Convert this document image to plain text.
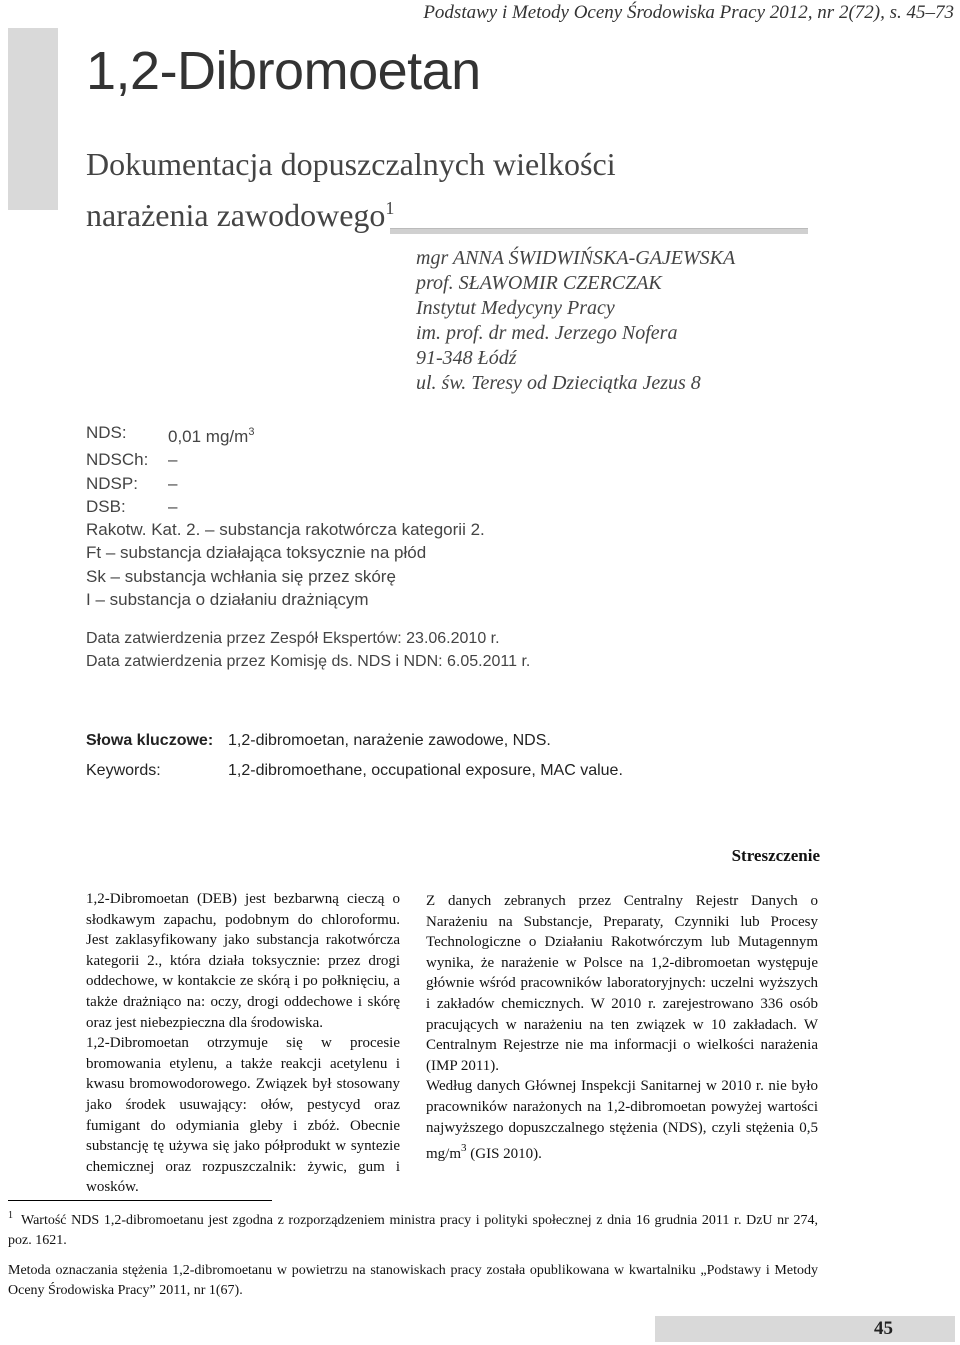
Podstawy i Metody Oceny Środowiska Pracy 2012, nr 2(72), s. 45–73
1,2-Dibromoetan
Dokumentacja dopuszczalnych wielkości
narażenia zawodowego$^1$
mgr ANNA ŚWIDWIŃSKA-GAJEWSKA
prof. SŁAWOMIR CZERCZAK
Instytut Medycyny Pracy
im. prof. dr med. Jerzego Nofera
91-348 Łódź
ul. św. Teresy od Dzieciątka Jezus 8
NDS:	0,01 $mg/m^3$
NDSCh:	–
NDSP:	–
DSB:	–
Rakotw. Kat. 2. – substancja rakotwórcza kategorii 2.
Ft – substancja działająca toksycznie na płód
Sk – substancja wchłania się przez skórę
I – substancja o działaniu drażniącym
Data zatwierdzenia przez Zespół Ekspertów: 23.06.2010 r.
Data zatwierdzenia przez Komisję ds. NDS i NDN: 6.05.2011 r.
Słowa kluczowe: 1,2-dibromoetan, narażenie zawodowe, NDS.
Keywords:	1,2-dibromoethane, occupational exposure, MAC value.
Streszczenie

1,2-Dibromoetan (DEB) jest bezbarwną cieczą o słodkawym zapachu, podobnym do chloroformu. Jest zaklasyfikowany jako substancja rakotwórcza kategorii 2., która działa toksycznie: przez drogi oddechowe, w kontakcie ze skórą i po połknięciu, a także drażniąco na: oczy, drogi oddechowe i skórę oraz jest niebezpieczna dla środowiska.

1,2-Dibromoetan otrzymuje się w procesie bromowania etylenu, a także reakcji acetylenu i kwasu bromowodorowego. Związek był stosowany jako środek usuwający: ołów, pestycyd oraz fumigant do odymiania gleby i zbóż. Obecnie substancję tę używa się jako półprodukt w syntezie chemicznej oraz rozpuszczalnik: żywic, gum i wosków.

Z danych zebranych przez Centralny Rejestr Danych o Narażeniu na Substancje, Preparaty, Czynniki lub Procesy Technologiczne o Działaniu Rakotwórczym lub Mutagennym wynika, że narażenie w Polsce na 1,2-dibromoetan występuje głównie wśród pracowników laboratoryjnych: uczelni wyższych i zakładów chemicznych. W 2010 r. zarejestrowano 336 osób pracujących w narażeniu na ten związek w 10 zakładach. W Centralnym Rejestrze nie ma informacji o wielkości narażenia (IMP 2011).

Według danych Głównej Inspekcji Sanitarnej w 2010 r. nie było pracowników narażonych na 1,2-dibromoetan powyżej wartości najwyższego dopuszczalnego stężenia (NDS), czyli stężenia 0,5 $mg/m^3$ (GIS 2010).

$^1$ Wartość NDS 1,2-dibromoetanu jest zgodna z rozporządzeniem ministra pracy i polityki społecznej z dnia 16 grudnia 2011 r. DzU nr 274, poz. 1621.

Metoda oznaczania stężenia 1,2-dibromoetanu w powietrzu na stanowiskach pracy została opublikowana w kwartalniku „Podstawy i Metody Oceny Środowiska Pracy” 2011, nr 1(67).

45
